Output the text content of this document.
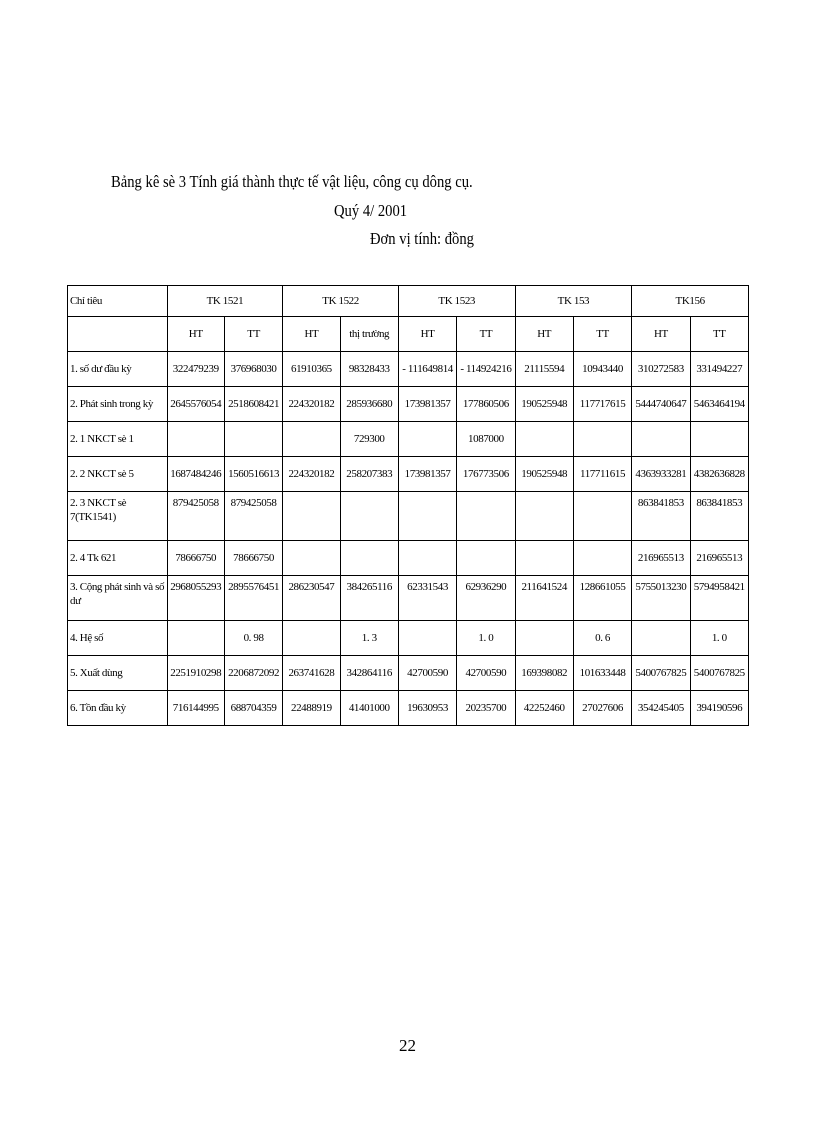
Bảng kê sè 3 Tính giá thành thực tế vật liệu, công cụ dông cụ.
Quý 4/ 2001
Đơn vị tính: đồng
Chỉ tiêu	TK 1521		TK 1522		TK 1523		TK 153		TK156	
	HT	TT	HT	thị trường	HT	TT	HT	TT	HT	TT
1. số dư đầu kỳ	322479239	376968030	61910365	98328433	- 111649814	- 114924216	21115594	10943440	310272583	331494227
2. Phát sinh trong kỳ	2645576054	2518608421	224320182	285936680	173981357	177860506	190525948	117717615	5444740647	5463464194
2. 1 NKCT sè 1				729300		1087000				
2. 2 NKCT sè 5	1687484246	1560516613	224320182	258207383	173981357	176773506	190525948	117711615	4363933281	4382636828
2. 3 NKCT sè 7(TK1541)	879425058	879425058							863841853	863841853
2. 4 Tk 621	78666750	78666750							216965513	216965513
3. Cộng phát sinh và số dư	2968055293	2895576451	286230547	384265116	62331543	62936290	211641524	128661055	5755013230	5794958421
4. Hệ số		0. 98		1. 3		1. 0		0. 6		1. 0
5. Xuất dùng	2251910298	2206872092	263741628	342864116	42700590	42700590	169398082	101633448	5400767825	5400767825
6. Tồn đầu kỳ	716144995	688704359	22488919	41401000	19630953	20235700	42252460	27027606	354245405	394190596
22
